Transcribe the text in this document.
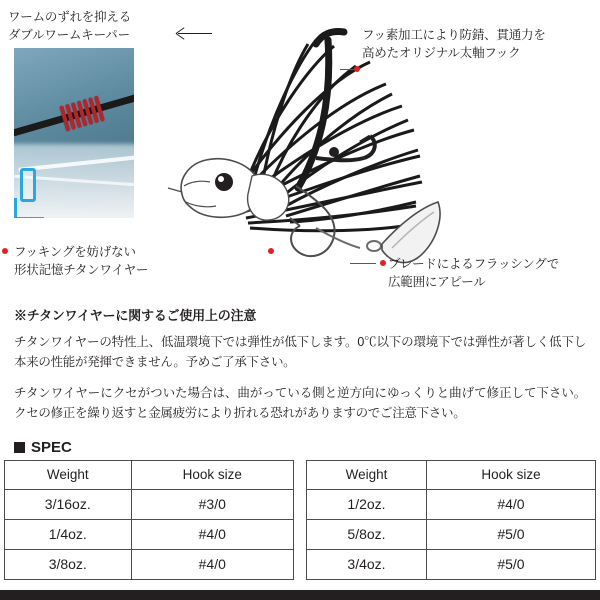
ワームのずれを抑える
ダブルワームキーパー	フッ素加工により防錆、貫通力を
高めたオリジナル太軸フック
フッキングを妨げない
形状記憶チタンワイヤー	ブレードによるフラッシングで
広範囲にアピール
※チタンワイヤーに関するご使用上の注意

チタンワイヤーの特性上、低温環境下では弾性が低下します。0℃以下の環境下では弾性が著しく低下し本来の性能が発揮できません。予めご了承下さい。

チタンワイヤーにクセがついた場合は、曲がっている側と逆方向にゆっくりと曲げて修正して下さい。クセの修正を繰り返すと金属疲労により折れる恐れがありますのでご注意下さい。

SPEC
Weight	Hook size
3/16oz.	#3/0
1/4oz.	#4/0
3/8oz.	#4/0
Weight	Hook size
1/2oz.	#4/0
5/8oz.	#5/0
3/4oz.	#5/0
